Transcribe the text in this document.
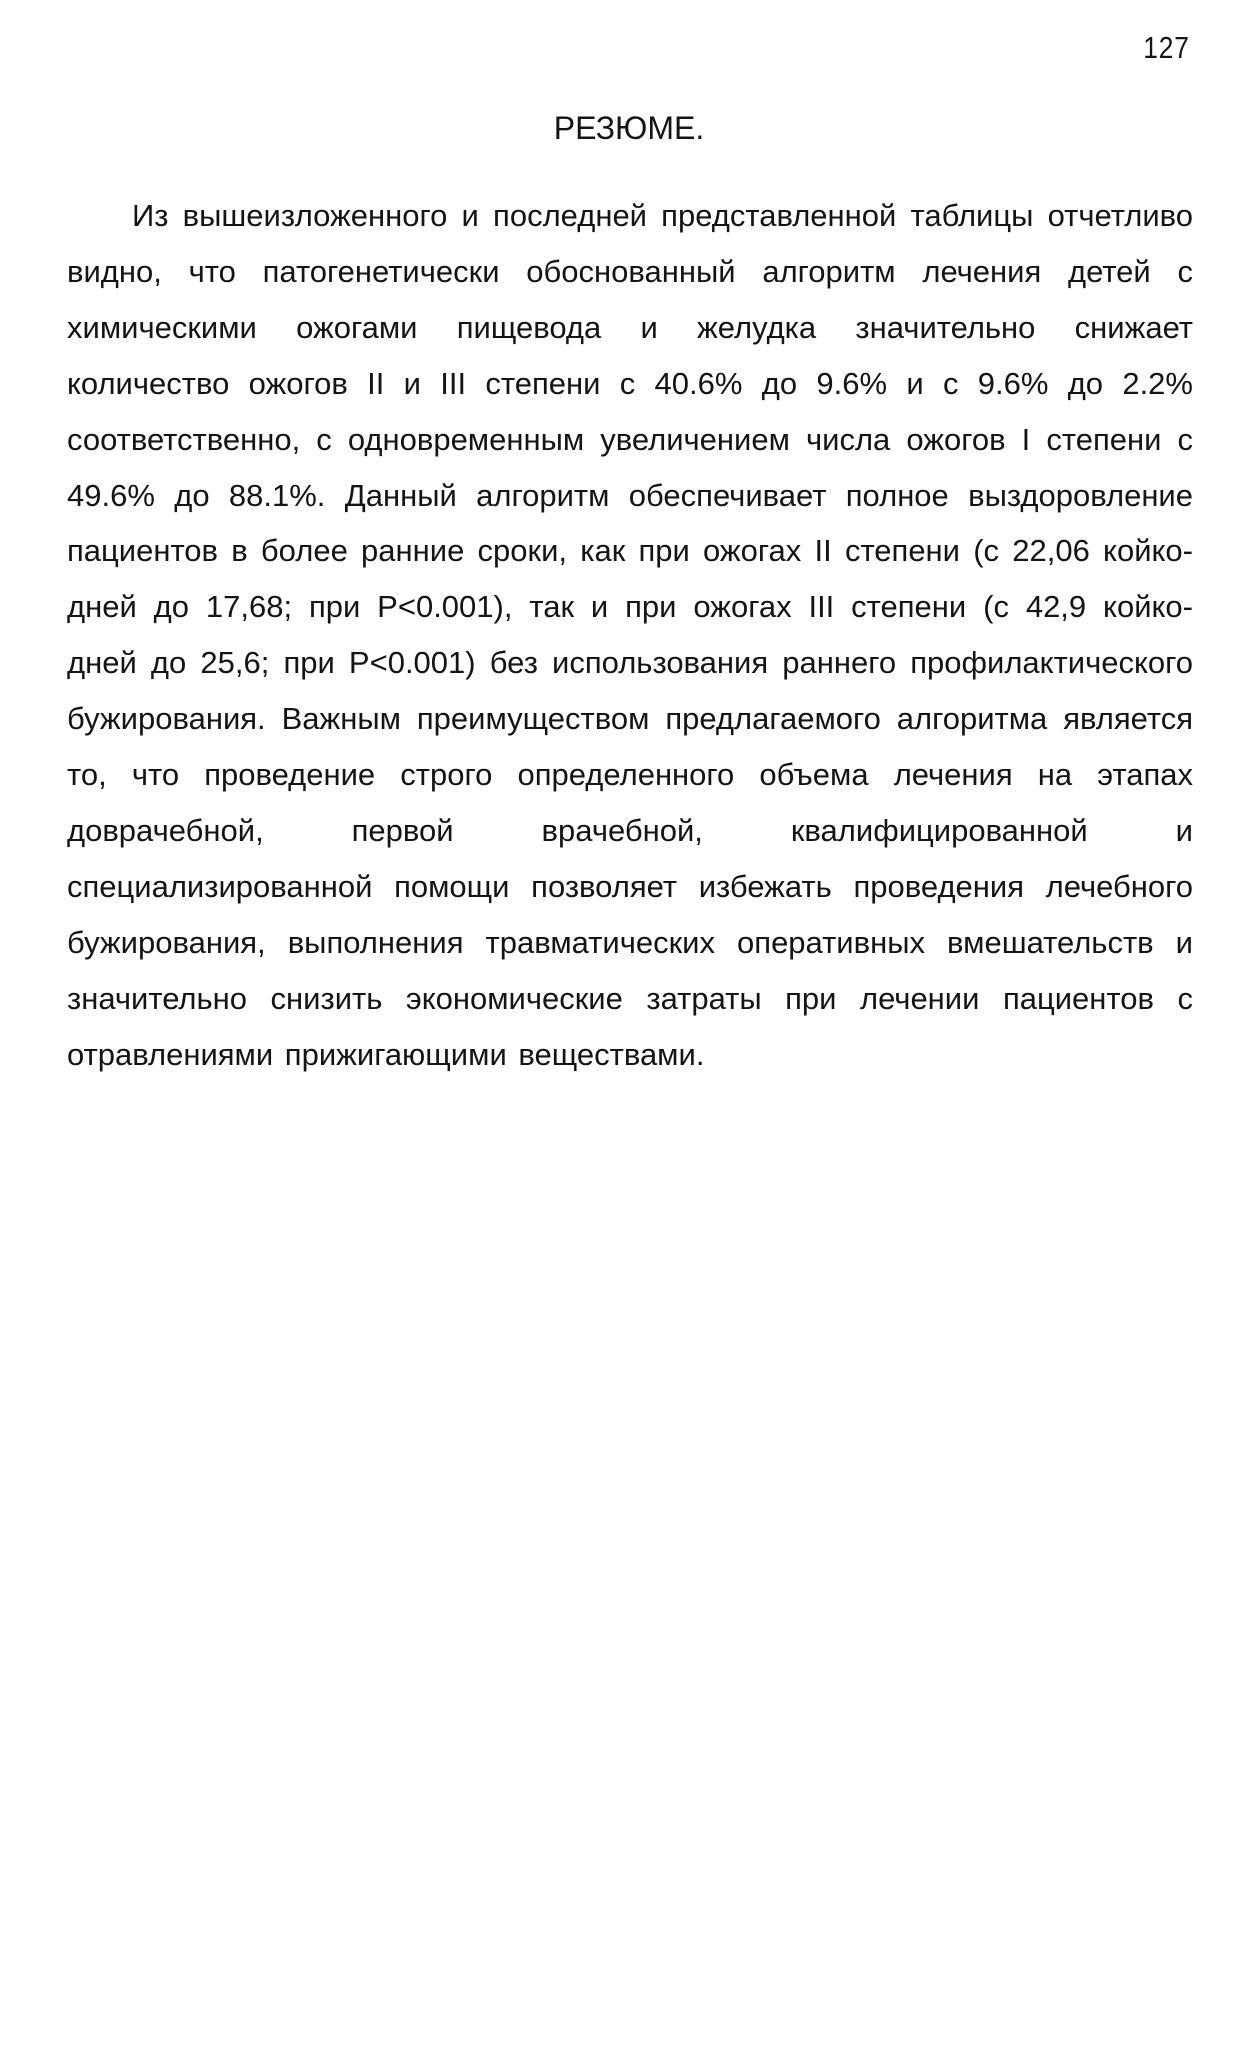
127
РЕЗЮМЕ.

Из вышеизложенного и последней представленной таблицы отчетливо видно, что патогенетически обоснованный алгоритм лечения детей с химическими ожогами пищевода и желудка значительно снижает количество ожогов II и III степени с 40.6% до 9.6% и с 9.6% до 2.2% соответственно, с одновременным увеличением числа ожогов I степени с 49.6% до 88.1%. Данный алгоритм обеспечивает полное выздоровление пациентов в более ранние сроки, как при ожогах II степени (с 22,06 койко-дней до 17,68; при P<0.001), так и при ожогах III степени (с 42,9 койко-дней до 25,6; при P<0.001) без использования раннего профилактического бужирования. Важным преимуществом предлагаемого алгоритма является то, что проведение строго определенного объема лечения на этапах доврачебной, первой врачебной, квалифицированной и специализированной помощи позволяет избежать проведения лечебного бужирования, выполнения травматических оперативных вмешательств и значительно снизить экономические затраты при лечении пациентов с отравлениями прижигающими веществами.
